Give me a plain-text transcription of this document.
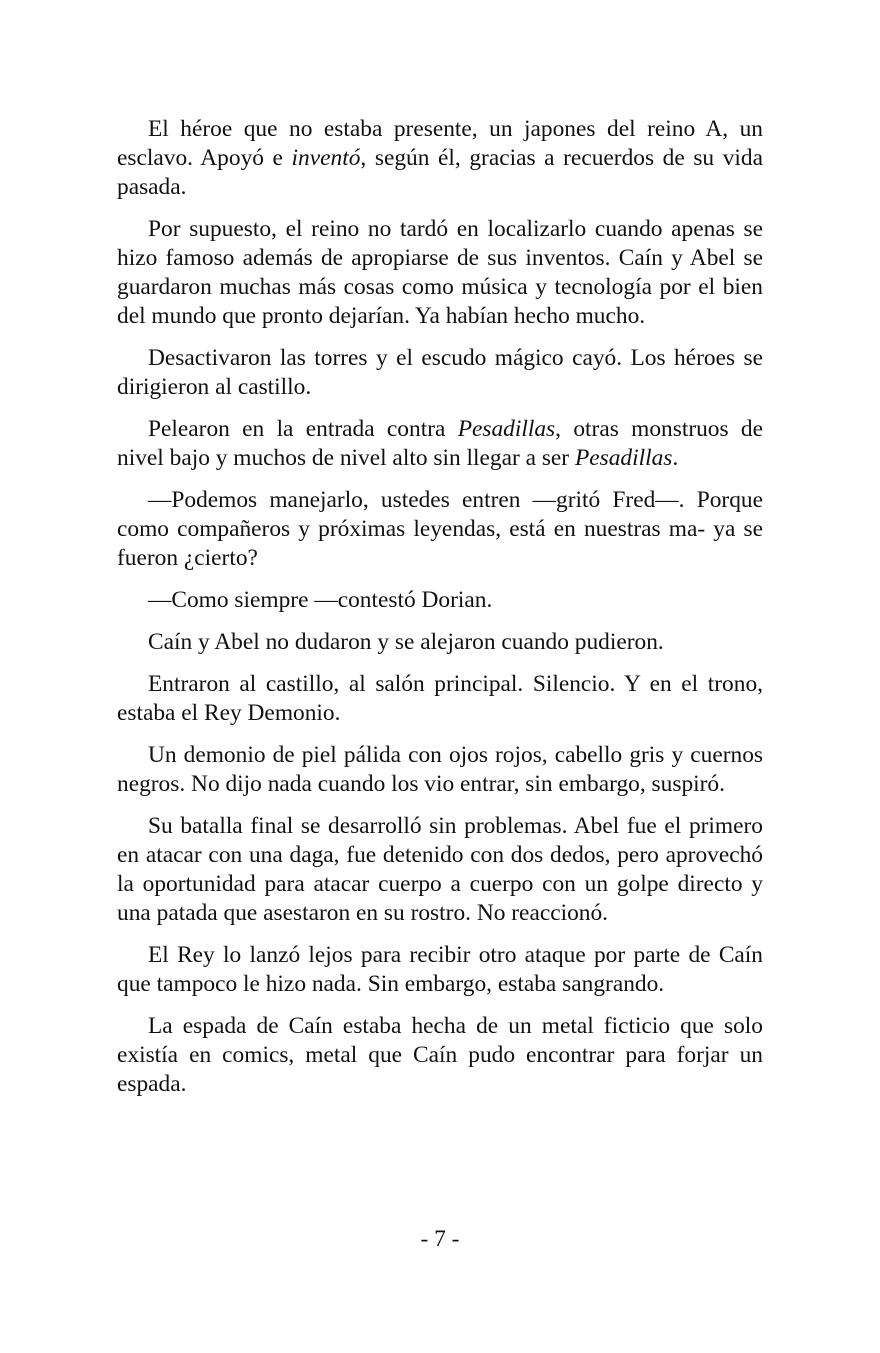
El héroe que no estaba presente, un japones del reino A, un esclavo. Apoyó e inventó, según él, gracias a recuerdos de su vida pasada.

Por supuesto, el reino no tardó en localizarlo cuando apenas se hizo famoso además de apropiarse de sus inventos. Caín y Abel se guardaron muchas más cosas como música y tecnología por el bien del mundo que pronto dejarían. Ya habían hecho mucho.

Desactivaron las torres y el escudo mágico cayó. Los héroes se dirigieron al castillo.

Pelearon en la entrada contra Pesadillas, otras monstruos de nivel bajo y muchos de nivel alto sin llegar a ser Pesadillas.

—Podemos manejarlo, ustedes entren —gritó Fred—. Porque como compañeros y próximas leyendas, está en nuestras ma- ya se fueron ¿cierto?

—Como siempre —contestó Dorian.

Caín y Abel no dudaron y se alejaron cuando pudieron.

Entraron al castillo, al salón principal. Silencio. Y en el trono, estaba el Rey Demonio.

Un demonio de piel pálida con ojos rojos, cabello gris y cuernos negros. No dijo nada cuando los vio entrar, sin embargo, suspiró.

Su batalla final se desarrolló sin problemas. Abel fue el primero en atacar con una daga, fue detenido con dos dedos, pero aprovechó la oportunidad para atacar cuerpo a cuerpo con un golpe directo y una patada que asestaron en su rostro. No reaccionó.

El Rey lo lanzó lejos para recibir otro ataque por parte de Caín que tampoco le hizo nada. Sin embargo, estaba sangrando.

La espada de Caín estaba hecha de un metal ficticio que solo existía en comics, metal que Caín pudo encontrar para forjar un espada.

- 7 -
